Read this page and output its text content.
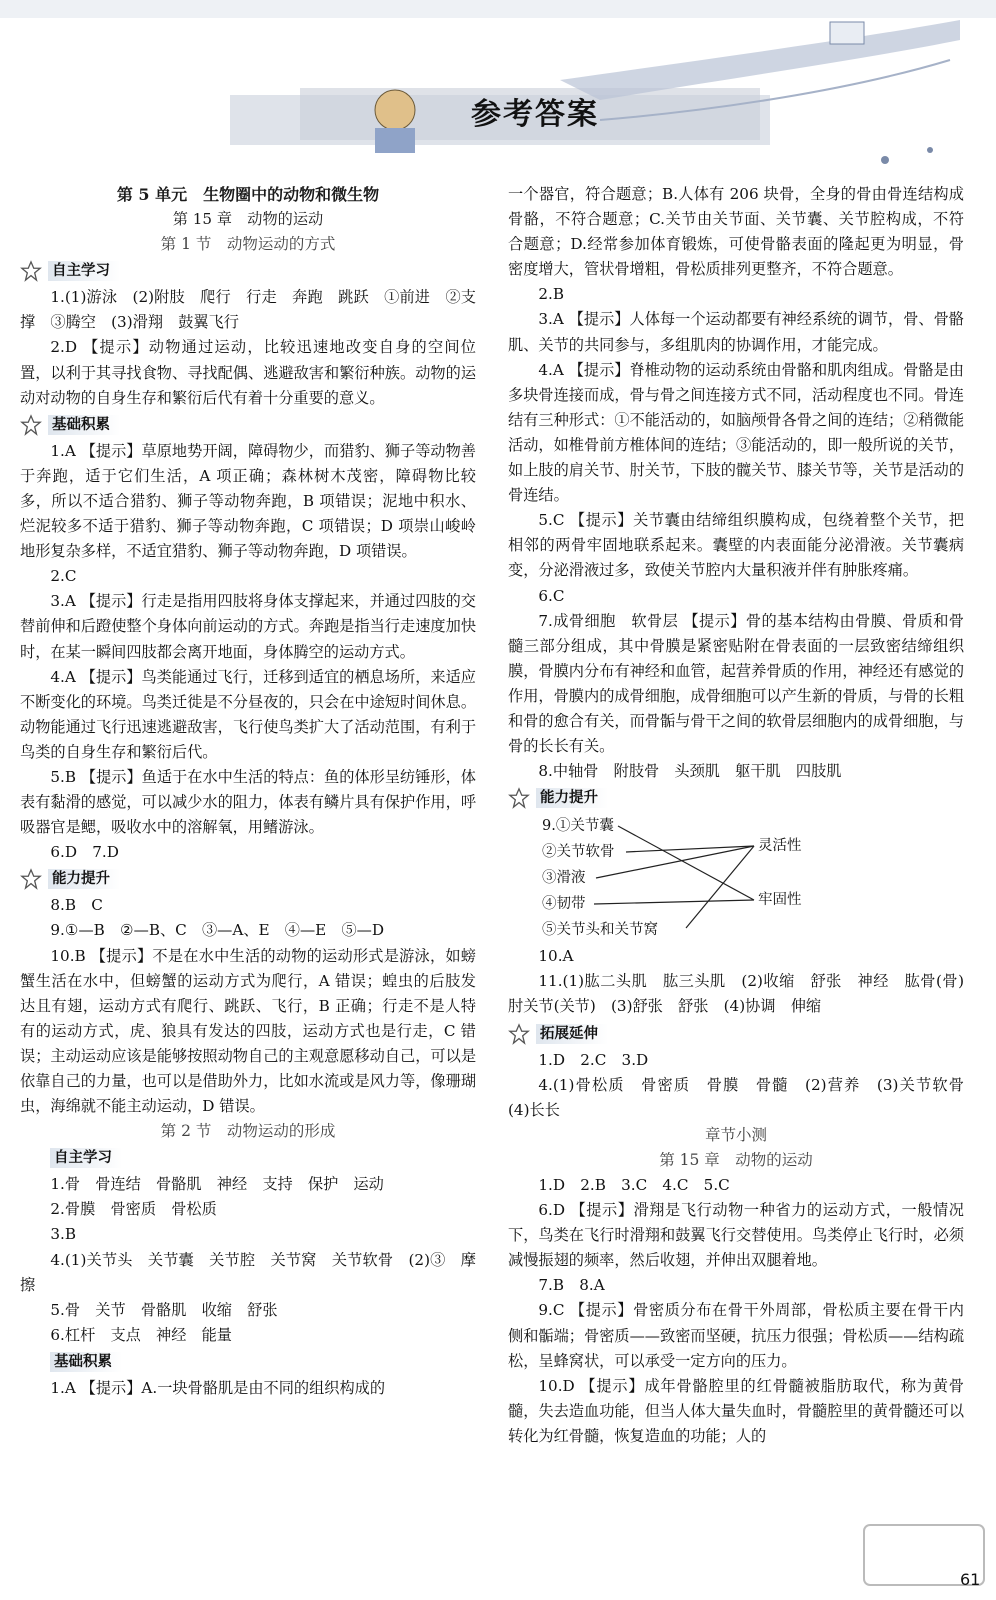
参考答案

第 5 单元　生物圈中的动物和微生物

第 15 章　动物的运动

第 1 节　动物运动的方式

自主学习

1.(1)游泳　(2)附肢　爬行　行走　奔跑　跳跃　①前进　②支撑　③腾空　(3)滑翔　鼓翼飞行

2.D 【提示】动物通过运动，比较迅速地改变自身的空间位置，以利于其寻找食物、寻找配偶、逃避敌害和繁衍种族。动物的运动对动物的自身生存和繁衍后代有着十分重要的意义。

基础积累

1.A 【提示】草原地势开阔，障碍物少，而猎豹、狮子等动物善于奔跑，适于它们生活，A 项正确；森林树木茂密，障碍物比较多，所以不适合猎豹、狮子等动物奔跑，B 项错误；泥地中积水、烂泥较多不适于猎豹、狮子等动物奔跑，C 项错误；D 项崇山峻岭地形复杂多样，不适宜猎豹、狮子等动物奔跑，D 项错误。

2.C

3.A 【提示】行走是指用四肢将身体支撑起来，并通过四肢的交替前伸和后蹬使整个身体向前运动的方式。奔跑是指当行走速度加快时，在某一瞬间四肢都会离开地面，身体腾空的运动方式。

4.A 【提示】鸟类能通过飞行，迁移到适宜的栖息场所，来适应不断变化的环境。鸟类迁徙是不分昼夜的，只会在中途短时间休息。动物能通过飞行迅速逃避敌害，飞行使鸟类扩大了活动范围，有利于鸟类的自身生存和繁衍后代。

5.B 【提示】鱼适于在水中生活的特点：鱼的体形呈纺锤形，体表有黏滑的感觉，可以减少水的阻力，体表有鳞片具有保护作用，呼吸器官是鳃，吸收水中的溶解氧，用鳍游泳。

6.D　7.D

能力提升

8.B　C

9.①—B　②—B、C　③—A、E　④—E　⑤—D

10.B 【提示】不是在水中生活的动物的运动形式是游泳，如螃蟹生活在水中，但螃蟹的运动方式为爬行，A 错误；蝗虫的后肢发达且有翅，运动方式有爬行、跳跃、飞行，B 正确；行走不是人特有的运动方式，虎、狼具有发达的四肢，运动方式也是行走，C 错误；主动运动应该是能够按照动物自己的主观意愿移动自己，可以是依靠自己的力量，也可以是借助外力，比如水流或是风力等，像珊瑚虫，海绵就不能主动运动，D 错误。

第 2 节　动物运动的形成

自主学习

1.骨　骨连结　骨骼肌　神经　支持　保护　运动

2.骨膜　骨密质　骨松质

3.B

4.(1)关节头　关节囊　关节腔　关节窝　关节软骨　(2)③　摩擦

5.骨　关节　骨骼肌　收缩　舒张

6.杠杆　支点　神经　能量

基础积累

1.A 【提示】A.一块骨骼肌是由不同的组织构成的

一个器官，符合题意；B.人体有 206 块骨，全身的骨由骨连结构成骨骼，不符合题意；C.关节由关节面、关节囊、关节腔构成，不符合题意；D.经常参加体育锻炼，可使骨骼表面的隆起更为明显，骨密度增大，管状骨增粗，骨松质排列更整齐，不符合题意。

2.B

3.A 【提示】人体每一个运动都要有神经系统的调节，骨、骨骼肌、关节的共同参与，多组肌肉的协调作用，才能完成。

4.A 【提示】脊椎动物的运动系统由骨骼和肌肉组成。骨骼是由多块骨连接而成，骨与骨之间连接方式不同，活动程度也不同。骨连结有三种形式：①不能活动的，如脑颅骨各骨之间的连结；②稍微能活动，如椎骨前方椎体间的连结；③能活动的，即一般所说的关节，如上肢的肩关节、肘关节，下肢的髋关节、膝关节等，关节是活动的骨连结。

5.C 【提示】关节囊由结缔组织膜构成，包绕着整个关节，把相邻的两骨牢固地联系起来。囊壁的内表面能分泌滑液。关节囊病变，分泌滑液过多，致使关节腔内大量积液并伴有肿胀疼痛。

6.C

7.成骨细胞　软骨层 【提示】骨的基本结构由骨膜、骨质和骨髓三部分组成，其中骨膜是紧密贴附在骨表面的一层致密结缔组织膜，骨膜内分布有神经和血管，起营养骨质的作用，神经还有感觉的作用，骨膜内的成骨细胞，成骨细胞可以产生新的骨质，与骨的长粗和骨的愈合有关，而骨骺与骨干之间的软骨层细胞内的成骨细胞，与骨的长长有关。

8.中轴骨　附肢骨　头颈肌　躯干肌　四肢肌

能力提升
9.①关节囊
②关节软骨
③滑液
④韧带
⑤关节头和关节窝
灵活性
牢固性

10.A

11.(1)肱二头肌　肱三头肌　(2)收缩　舒张　神经　肱骨(骨)　肘关节(关节)　(3)舒张　舒张　(4)协调　伸缩

拓展延伸

1.D　2.C　3.D

4.(1)骨松质　骨密质　骨膜　骨髓　(2)营养　(3)关节软骨　(4)长长

章节小测

第 15 章　动物的运动

1.D　2.B　3.C　4.C　5.C

6.D 【提示】滑翔是飞行动物一种省力的运动方式，一般情况下，鸟类在飞行时滑翔和鼓翼飞行交替使用。鸟类停止飞行时，必须减慢振翅的频率，然后收翅，并伸出双腿着地。

7.B　8.A

9.C 【提示】骨密质分布在骨干外周部，骨松质主要在骨干内侧和骺端；骨密质——致密而坚硬，抗压力很强；骨松质——结构疏松，呈蜂窝状，可以承受一定方向的压力。

10.D 【提示】成年骨骼腔里的红骨髓被脂肪取代，称为黄骨髓，失去造血功能，但当人体大量失血时，骨髓腔里的黄骨髓还可以转化为红骨髓，恢复造血的功能；人的

61
